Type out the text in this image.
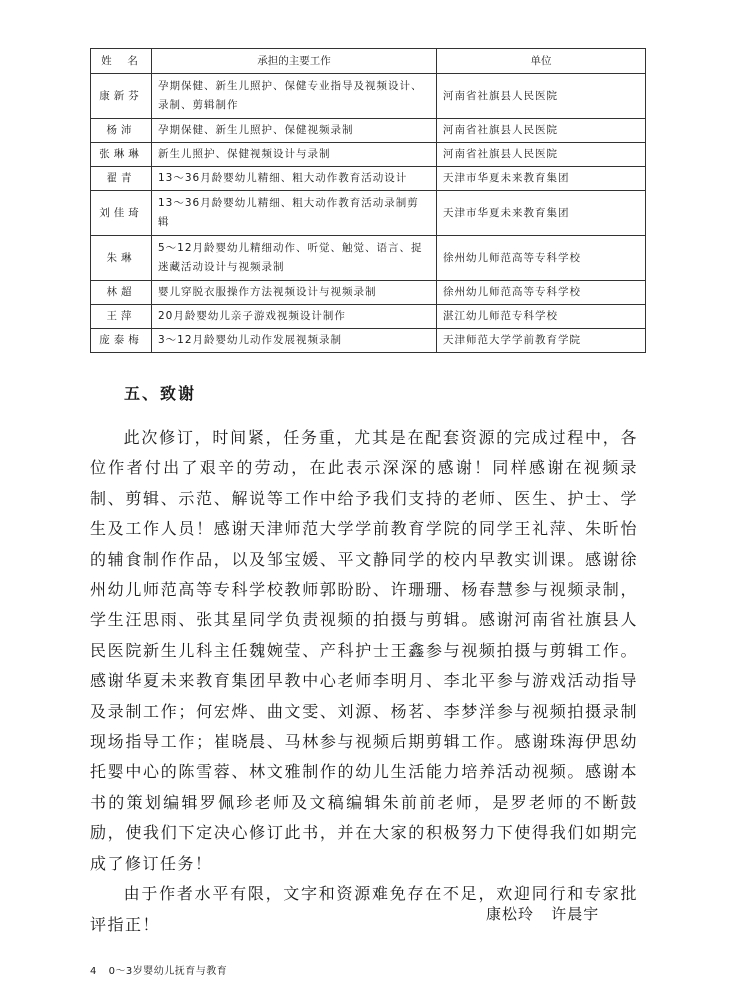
姓  名	承担的主要工作	单位
康新芬	孕期保健、新生儿照护、保健专业指导及视频设计、录制、剪辑制作	河南省社旗县人民医院
杨沛	孕期保健、新生儿照护、保健视频录制	河南省社旗县人民医院
张琳琳	新生儿照护、保健视频设计与录制	河南省社旗县人民医院
翟青	13～36月龄婴幼儿精细、粗大动作教育活动设计	天津市华夏未来教育集团
刘佳琦	13～36月龄婴幼儿精细、粗大动作教育活动录制剪辑	天津市华夏未来教育集团
朱琳	5～12月龄婴幼儿精细动作、听觉、触觉、语言、捉迷藏活动设计与视频录制	徐州幼儿师范高等专科学校
林超	婴儿穿脱衣服操作方法视频设计与视频录制	徐州幼儿师范高等专科学校
王萍	20月龄婴幼儿亲子游戏视频设计制作	湛江幼儿师范专科学校
庞泰梅	3～12月龄婴幼儿动作发展视频录制	天津师范大学学前教育学院
五、致谢

此次修订，时间紧，任务重，尤其是在配套资源的完成过程中，各位作者付出了艰辛的劳动，在此表示深深的感谢！同样感谢在视频录制、剪辑、示范、解说等工作中给予我们支持的老师、医生、护士、学生及工作人员！感谢天津师范大学学前教育学院的同学王礼萍、朱昕怡的辅食制作作品，以及邹宝媛、平文静同学的校内早教实训课。感谢徐州幼儿师范高等专科学校教师郭盼盼、许珊珊、杨春慧参与视频录制，学生汪思雨、张其星同学负责视频的拍摄与剪辑。感谢河南省社旗县人民医院新生儿科主任魏婉莹、产科护士王鑫参与视频拍摄与剪辑工作。感谢华夏未来教育集团早教中心老师李明月、李北平参与游戏活动指导及录制工作；何宏烨、曲文雯、刘源、杨茗、李梦洋参与视频拍摄录制现场指导工作；崔晓晨、马林参与视频后期剪辑工作。感谢珠海伊思幼托婴中心的陈雪蓉、林文雅制作的幼儿生活能力培养活动视频。感谢本书的策划编辑罗佩珍老师及文稿编辑朱前前老师，是罗老师的不断鼓励，使我们下定决心修订此书，并在大家的积极努力下使得我们如期完成了修订任务！

由于作者水平有限，文字和资源难免存在不足，欢迎同行和专家批评指正！

康松玲   许晨宇
4 0～3岁婴幼儿抚育与教育
